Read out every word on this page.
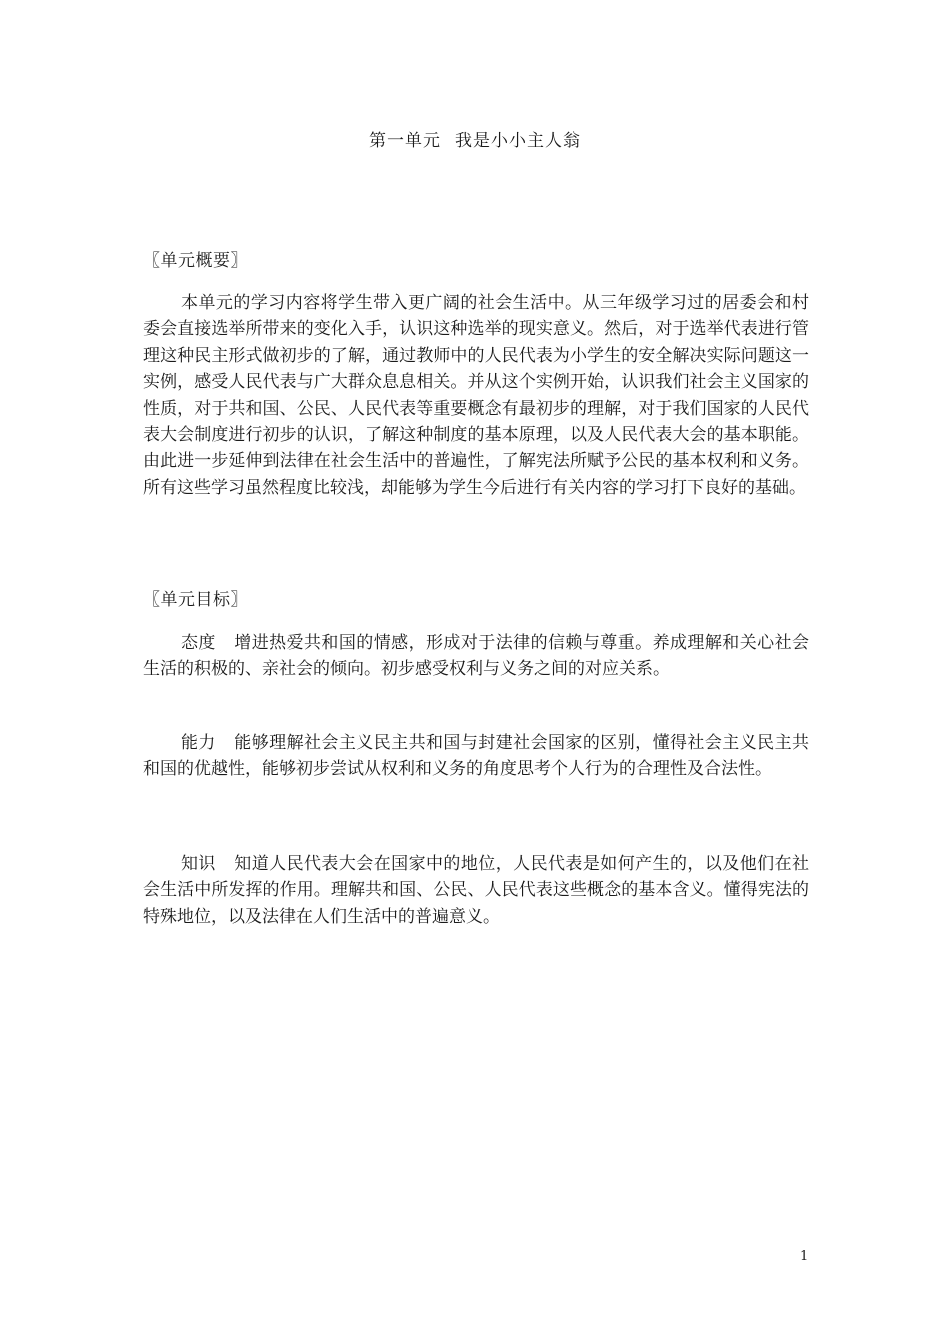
第一单元 我是小小主人翁
〖单元概要〗
本单元的学习内容将学生带入更广阔的社会生活中。从三年级学习过的居委会和村委会直接选举所带来的变化入手，认识这种选举的现实意义。然后，对于选举代表进行管理这种民主形式做初步的了解，通过教师中的人民代表为小学生的安全解决实际问题这一实例，感受人民代表与广大群众息息相关。并从这个实例开始，认识我们社会主义国家的性质，对于共和国、公民、人民代表等重要概念有最初步的理解，对于我们国家的人民代表大会制度进行初步的认识，了解这种制度的基本原理，以及人民代表大会的基本职能。由此进一步延伸到法律在社会生活中的普遍性，了解宪法所赋予公民的基本权利和义务。所有这些学习虽然程度比较浅，却能够为学生今后进行有关内容的学习打下良好的基础。
〖单元目标〗
态度 增进热爱共和国的情感，形成对于法律的信赖与尊重。养成理解和关心社会生活的积极的、亲社会的倾向。初步感受权利与义务之间的对应关系。
能力 能够理解社会主义民主共和国与封建社会国家的区别，懂得社会主义民主共和国的优越性，能够初步尝试从权利和义务的角度思考个人行为的合理性及合法性。
知识 知道人民代表大会在国家中的地位，人民代表是如何产生的，以及他们在社会生活中所发挥的作用。理解共和国、公民、人民代表这些概念的基本含义。懂得宪法的特殊地位，以及法律在人们生活中的普遍意义。
1
